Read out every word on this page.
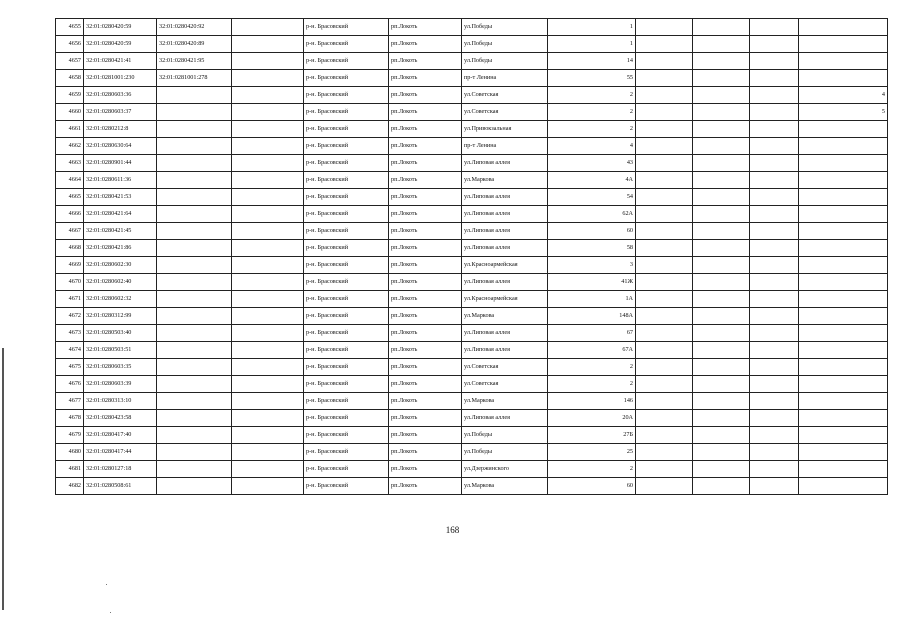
4655	32:01:0280420:59	32:01:0280420:92		р-н. Брасовский	рп.Локоть	ул.Победы	1				
4656	32:01:0280420:59	32:01:0280420:89		р-н. Брасовский	рп.Локоть	ул.Победы	1				
4657	32:01:0280421:41	32:01:0280421:95		р-н. Брасовский	рп.Локоть	ул.Победы	14				
4658	32:01:0281001:230	32:01:0281001:278		р-н. Брасовский	рп.Локоть	пр-т Ленина	55				
4659	32:01:0280603:36			р-н. Брасовский	рп.Локоть	ул.Советская	2				4
4660	32:01:0280603:37			р-н. Брасовский	рп.Локоть	ул.Советская	2				5
4661	32:01:0280212:8			р-н. Брасовский	рп.Локоть	ул.Привокзальная	2				
4662	32:01:0280630:64			р-н. Брасовский	рп.Локоть	пр-т Ленина	4				
4663	32:01:0280901:44			р-н. Брасовский	рп.Локоть	ул.Липовая аллея	43				
4664	32:01:0280611:36			р-н. Брасовский	рп.Локоть	ул.Маркова	4А				
4665	32:01:0280421:53			р-н. Брасовский	рп.Локоть	ул.Липовая аллея	54				
4666	32:01:0280421:64			р-н. Брасовский	рп.Локоть	ул.Липовая аллея	62А				
4667	32:01:0280421:45			р-н. Брасовский	рп.Локоть	ул.Липовая аллея	60				
4668	32:01:0280421:86			р-н. Брасовский	рп.Локоть	ул.Липовая аллея	58				
4669	32:01:0280602:30			р-н. Брасовский	рп.Локоть	ул.Красноармейская	3				
4670	32:01:0280602:40			р-н. Брасовский	рп.Локоть	ул.Липовая аллея	41Ж				
4671	32:01:0280602:32			р-н. Брасовский	рп.Локоть	ул.Красноармейская	1А				
4672	32:01:0280312:99			р-н. Брасовский	рп.Локоть	ул.Маркова	148А				
4673	32:01:0280503:40			р-н. Брасовский	рп.Локоть	ул.Липовая аллея	67				
4674	32:01:0280503:51			р-н. Брасовский	рп.Локоть	ул.Липовая аллея	67А				
4675	32:01:0280603:35			р-н. Брасовский	рп.Локоть	ул.Советская	2				
4676	32:01:0280603:39			р-н. Брасовский	рп.Локоть	ул.Советская	2				
4677	32:01:0280313:10			р-н. Брасовский	рп.Локоть	ул.Маркова	146				
4678	32:01:0280423:58			р-н. Брасовский	рп.Локоть	ул.Липовая аллея	20А				
4679	32:01:0280417:40			р-н. Брасовский	рп.Локоть	ул.Победы	27Б				
4680	32:01:0280417:44			р-н. Брасовский	рп.Локоть	ул.Победы	25				
4681	32:01:0280127:18			р-н. Брасовский	рп.Локоть	ул.Дзержинского	2				
4682	32:01:0280508:61			р-н. Брасовский	рп.Локоть	ул.Маркова	60				
168
